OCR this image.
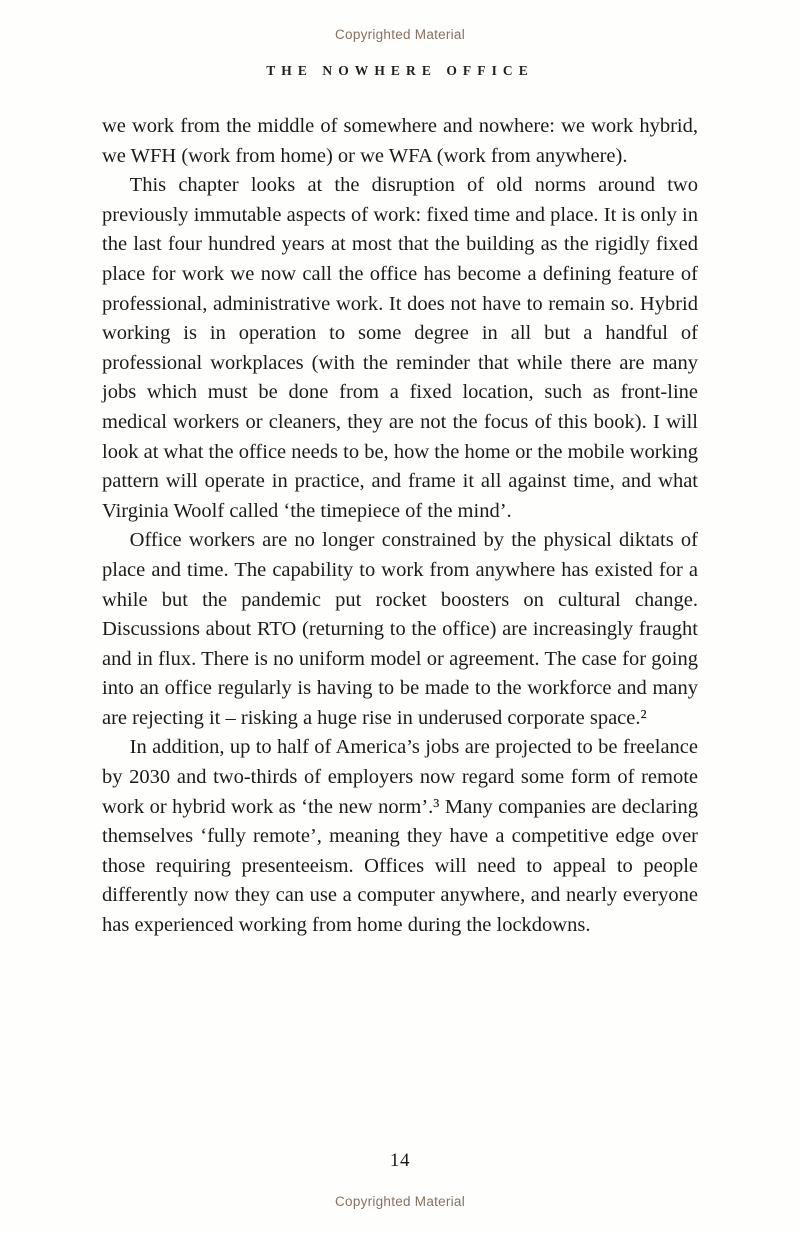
Copyrighted Material
THE NOWHERE OFFICE

we work from the middle of somewhere and nowhere: we work hybrid, we WFH (work from home) or we WFA (work from anywhere).

This chapter looks at the disruption of old norms around two previously immutable aspects of work: fixed time and place. It is only in the last four hundred years at most that the building as the rigidly fixed place for work we now call the office has become a defining feature of professional, administrative work. It does not have to remain so. Hybrid working is in operation to some degree in all but a handful of professional workplaces (with the reminder that while there are many jobs which must be done from a fixed location, such as front-line medical workers or cleaners, they are not the focus of this book). I will look at what the office needs to be, how the home or the mobile working pattern will operate in practice, and frame it all against time, and what Virginia Woolf called ‘the timepiece of the mind’.

Office workers are no longer constrained by the physical diktats of place and time. The capability to work from anywhere has existed for a while but the pandemic put rocket boosters on cultural change. Discussions about RTO (returning to the office) are increasingly fraught and in flux. There is no uniform model or agreement. The case for going into an office regularly is having to be made to the workforce and many are rejecting it – risking a huge rise in underused corporate space.²

In addition, up to half of America’s jobs are projected to be freelance by 2030 and two-thirds of employers now regard some form of remote work or hybrid work as ‘the new norm’.³ Many companies are declaring themselves ‘fully remote’, meaning they have a competitive edge over those requiring presenteeism. Offices will need to appeal to people differently now they can use a computer anywhere, and nearly everyone has experienced working from home during the lockdowns.

14
Copyrighted Material
